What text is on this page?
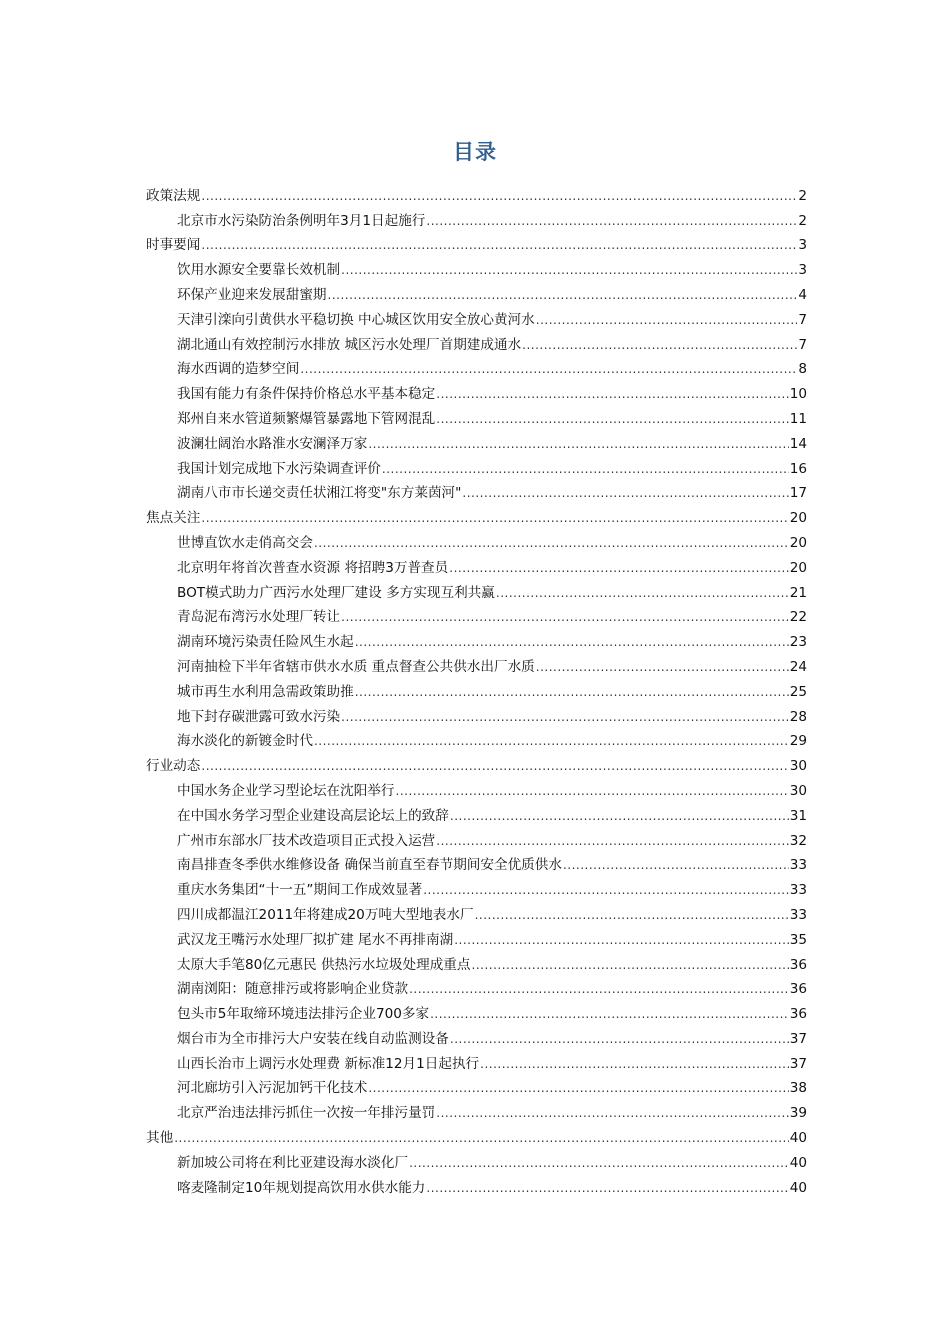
目录
政策法规 .....	2
北京市水污染防治条例明年3月1日起施行 .....	2
时事要闻 .....	3
饮用水源安全要靠长效机制 .....	3
环保产业迎来发展甜蜜期 .....	4
天津引滦向引黄供水平稳切换 中心城区饮用安全放心黄河水 .....	7
湖北通山有效控制污水排放 城区污水处理厂首期建成通水 .....	7
海水西调的造梦空间 .....	8
我国有能力有条件保持价格总水平基本稳定 .....	10
郑州自来水管道频繁爆管暴露地下管网混乱 .....	11
波澜壮阔治水路淮水安澜泽万家 .....	14
我国计划完成地下水污染调查评价 .....	16
湖南八市市长递交责任状湘江将变"东方莱茵河" .....	17
焦点关注 .....	20
世博直饮水走俏高交会 .....	20
北京明年将首次普查水资源 将招聘3万普查员 .....	20
BOT模式助力广西污水处理厂建设 多方实现互利共赢 .....	21
青岛泥布湾污水处理厂转让 .....	22
湖南环境污染责任险风生水起 .....	23
河南抽检下半年省辖市供水水质 重点督查公共供水出厂水质 .....	24
城市再生水利用急需政策助推 .....	25
地下封存碳泄露可致水污染 .....	28
海水淡化的新镀金时代 .....	29
行业动态 .....	30
中国水务企业学习型论坛在沈阳举行 .....	30
在中国水务学习型企业建设高层论坛上的致辞 .....	31
广州市东部水厂技术改造项目正式投入运营 .....	32
南昌排查冬季供水维修设备 确保当前直至春节期间安全优质供水 .....	33
重庆水务集团“十一五”期间工作成效显著 .....	33
四川成都温江2011年将建成20万吨大型地表水厂 .....	33
武汉龙王嘴污水处理厂拟扩建 尾水不再排南湖 .....	35
太原大手笔80亿元惠民 供热污水垃圾处理成重点 .....	36
湖南浏阳：随意排污或将影响企业贷款 .....	36
包头市5年取缔环境违法排污企业700多家 .....	36
烟台市为全市排污大户安装在线自动监测设备 .....	37
山西长治市上调污水处理费 新标准12月1日起执行 .....	37
河北廊坊引入污泥加钙干化技术 .....	38
北京严治违法排污抓住一次按一年排污量罚 .....	39
其他 .....	40
新加坡公司将在利比亚建设海水淡化厂 .....	40
喀麦隆制定10年规划提高饮用水供水能力 .....	40
